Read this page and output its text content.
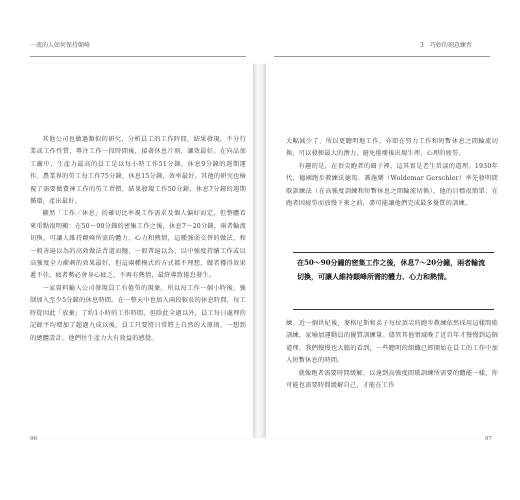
一流的人如何保持顛峰	3　巧妙的刻意練習

其他公司也做過類似的研究，分析員工的工作時間，結果發現，不分行業或工作性質，專注工作一段時間後，接著休息片刻，讓效最好。在向品加工廠中，生產力最高的員工是以每小時工作51分鐘，休息9分鐘的週期運作。農業界的勞工每工作75分鐘，休息15分鐘，效率最好。其他的研究也檢視了需要做費神工作的勞工習慣，結果發現工作50分鐘，休息7分鐘的週期循環，產出最好。

顯然「工作／休息」的確切比率視工作需求及個人偏好而定，但整體看來重點很明顯：在50～90分鐘的密集工作之後，休息7～20分鐘，兩者輪流切換，可讓人維持顛峰所需的體力、心力和熱情，這種強弱交替的做法，和一般善遍以為的高效做法背道而馳，一般普遍以為，以中強度持續工作或以高強度全力衝刺的效果最好，但這兩種模式的方式都不理想，做者獲得效果遞不佳，疲者勢必會身心疲乏，不再有熱情，最終導致倦怠發生。

一家資料輸入公司發現員工有倦勞的現象，所以每工作一個小時後，強制加入至少5分鐘的休息時間。在一整天中也加入兩段較長的休息時間，每工時從因此「放棄」了約1小時的工作時間，但除此全過以外，員工每日處理的記錄平均增加了超過九成以後，員工只要將日常將上自然的大原則，一想到的總體設計，他們往生產力大有效益的感覺。

大幅減少了，所以更聰明地工作，亦即在努力工作和短暫休息之間輪流切換，可以發揮最大的潛力，避免倦痿後出現生理、心理的疲勞。

有趣的是，在頂尖跑者的圈子裡，這其實是老生常談的道理。1930年代，德國跑步教練沃德馬．蓋施樂（Woldemar Gerschler）率先發明間歇訓練法（在高強度訓練和短暫休息之間輪流切換），他的目標很簡單：在跑者因疲勞而放慢下來之前，盡可能讓他們完成最多優質的訓練。

在50～90分鐘的密集工作之後，休息7～20分鐘，兩者輪流切換，可讓人維持顛峰所需的體力、心力和熱情。

練。近一個世紀後，麥格尼斯和弟子每位頂尖的跑步教練依然採用這樣間歇訓練，家喻加運動員的優質訓練量。儘管其他領域晚了近百年才慢慢到這個道理，我們慢慢也大膽的看到，一些聰明的組織已經開始在員工的工作中加入短暫休息的時間。

就像跑者需要時間緩解，以達到高強度間歇訓練所需要的體能一樣，你可能也需要時間緩解自己，才能在工作

96	97
